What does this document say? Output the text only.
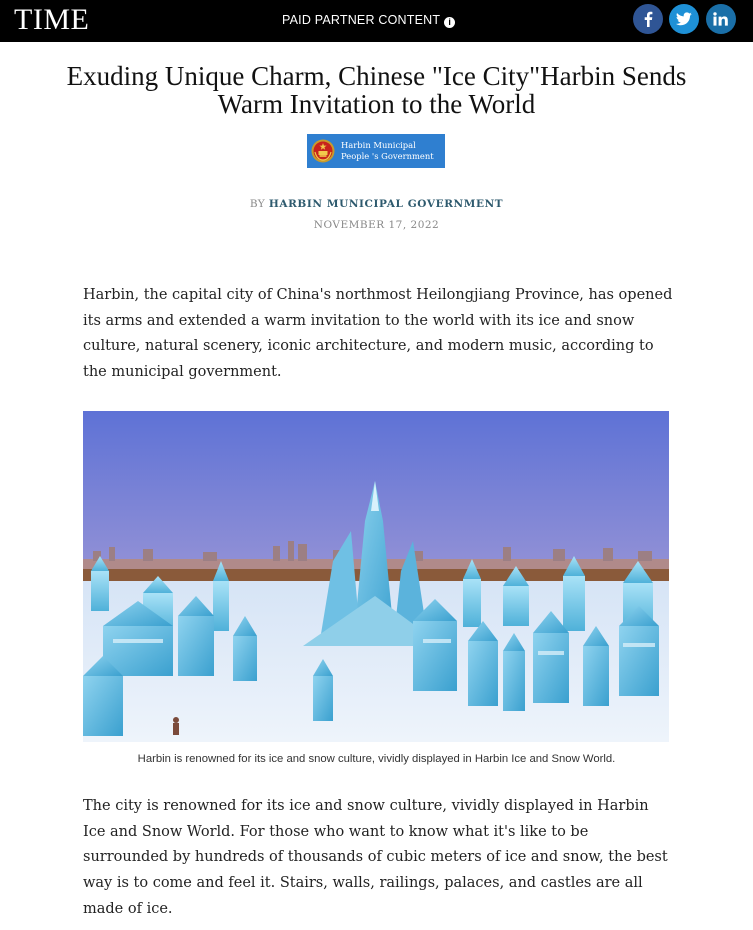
TIME	PAID PARTNER CONTENT i
Exuding Unique Charm, Chinese "Ice City"Harbin Sends
Warm Invitation to the World
Harbin Municipal
People 's Government
BY HARBIN MUNICIPAL GOVERNMENT
NOVEMBER 17, 2022
Harbin, the capital city of China's northmost Heilongjiang Province, has opened its arms and extended a warm invitation to the world with its ice and snow culture, natural scenery, iconic architecture, and modern music, according to the municipal government.
Harbin is renowned for its ice and snow culture, vividly displayed in Harbin Ice and Snow World.
The city is renowned for its ice and snow culture, vividly displayed in Harbin Ice and Snow World. For those who want to know what it's like to be surrounded by hundreds of thousands of cubic meters of ice and snow, the best way is to come and feel it. Stairs, walls, railings, palaces, and castles are all made of ice.
